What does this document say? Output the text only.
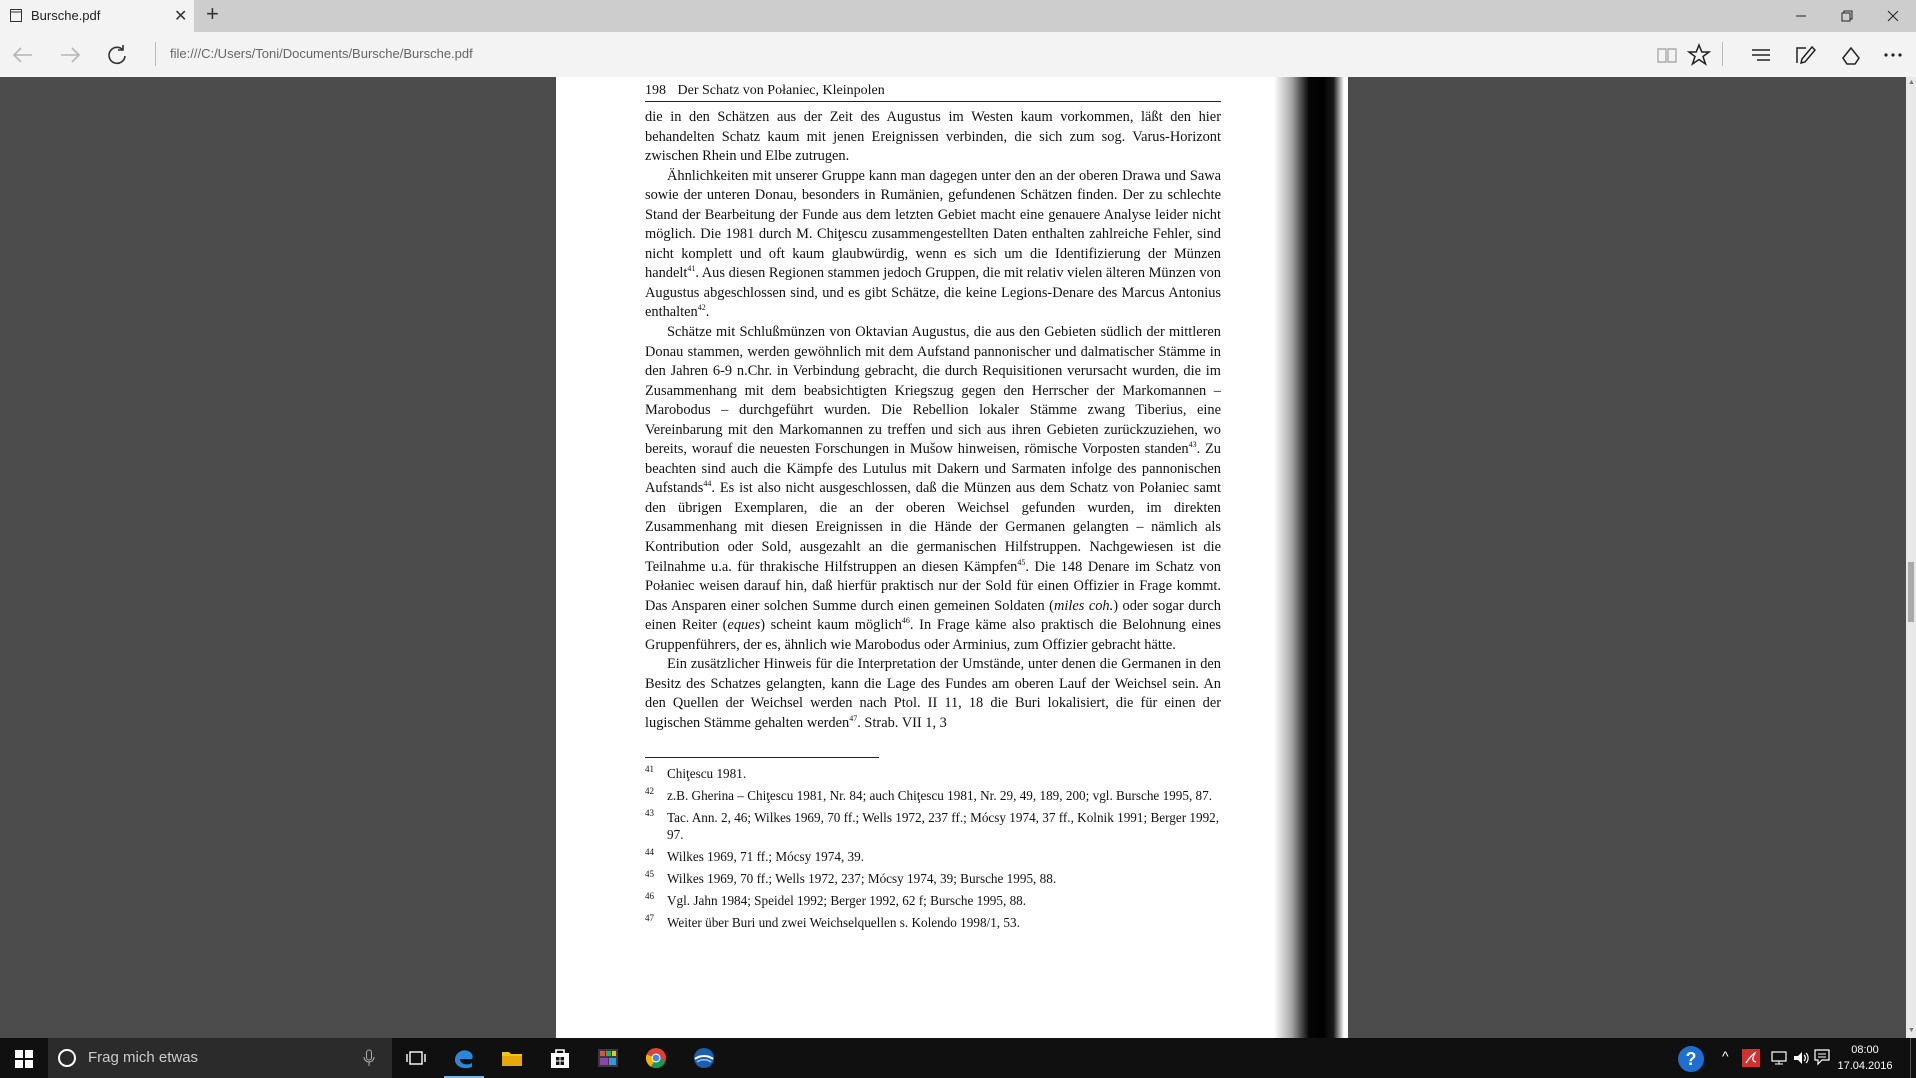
Bursche.pdf	✕ +
file:///C:/Users/Toni/Documents/Bursche/Bursche.pdf
198 Der Schatz von Połaniec, Kleinpolen

die in den Schätzen aus der Zeit des Augustus im Westen kaum vorkommen, läßt den hier behandelten Schatz kaum mit jenen Ereignissen verbinden, die sich zum sog. Varus-Horizont zwischen Rhein und Elbe zutrugen.

Ähnlichkeiten mit unserer Gruppe kann man dagegen unter den an der oberen Drawa und Sawa sowie der unteren Donau, besonders in Rumänien, gefundenen Schätzen finden. Der zu schlechte Stand der Bearbeitung der Funde aus dem letzten Gebiet macht eine genauere Analyse leider nicht möglich. Die 1981 durch M. Chiţescu zusammengestellten Daten enthalten zahlreiche Fehler, sind nicht komplett und oft kaum glaubwürdig, wenn es sich um die Identifizierung der Münzen handelt$^{41}$. Aus diesen Regionen stammen jedoch Gruppen, die mit relativ vielen älteren Münzen von Augustus abgeschlossen sind, und es gibt Schätze, die keine Legions-Denare des Marcus Antonius enthalten$^{42}$.

Schätze mit Schlußmünzen von Oktavian Augustus, die aus den Gebieten südlich der mittleren Donau stammen, werden gewöhnlich mit dem Aufstand pannonischer und dalmatischer Stämme in den Jahren 6-9 n.Chr. in Verbindung gebracht, die durch Requisitionen verursacht wurden, die im Zusammenhang mit dem beabsichtigten Kriegszug gegen den Herrscher der Markomannen – Marobodus – durchgeführt wurden. Die Rebellion lokaler Stämme zwang Tiberius, eine Vereinbarung mit den Markomannen zu treffen und sich aus ihren Gebieten zurückzuziehen, wo bereits, worauf die neuesten Forschungen in Mušow hinweisen, römische Vorposten standen$^{43}$. Zu beachten sind auch die Kämpfe des Lutulus mit Dakern und Sarmaten infolge des pannonischen Aufstands$^{44}$. Es ist also nicht ausgeschlossen, daß die Münzen aus dem Schatz von Połaniec samt den übrigen Exemplaren, die an der oberen Weichsel gefunden wurden, im direkten Zusammenhang mit diesen Ereignissen in die Hände der Germanen gelangten – nämlich als Kontribution oder Sold, ausgezahlt an die germanischen Hilfstruppen. Nachgewiesen ist die Teilnahme u.a. für thrakische Hilfstruppen an diesen Kämpfen$^{45}$. Die 148 Denare im Schatz von Połaniec weisen darauf hin, daß hierfür praktisch nur der Sold für einen Offizier in Frage kommt. Das Ansparen einer solchen Summe durch einen gemeinen Soldaten (miles coh.) oder sogar durch einen Reiter (eques) scheint kaum möglich$^{46}$. In Frage käme also praktisch die Belohnung eines Gruppenführers, der es, ähnlich wie Marobodus oder Arminius, zum Offizier gebracht hätte.

Ein zusätzlicher Hinweis für die Interpretation der Umstände, unter denen die Germanen in den Besitz des Schatzes gelangten, kann die Lage des Fundes am oberen Lauf der Weichsel sein. An den Quellen der Weichsel werden nach Ptol. II 11, 18 die Buri lokalisiert, die für einen der lugischen Stämme gehalten werden$^{47}$. Strab. VII 1, 3

41 Chiţescu 1981.
42 z.B. Gherina – Chiţescu 1981, Nr. 84; auch Chiţescu 1981, Nr. 29, 49, 189, 200; vgl. Bursche 1995, 87.
43 Tac. Ann. 2, 46; Wilkes 1969, 70 ff.; Wells 1972, 237 ff.; Mócsy 1974, 37 ff., Kolnik 1991; Berger 1992, 97.
44 Wilkes 1969, 71 ff.; Mócsy 1974, 39.
45 Wilkes 1969, 70 ff.; Wells 1972, 237; Mócsy 1974, 39; Bursche 1995, 88.
46 Vgl. Jahn 1984; Speidel 1992; Berger 1992, 62 f; Bursche 1995, 88.
47 Weiter über Buri und zwei Weichselquellen s. Kolendo 1998/1, 53.
▲
▼
Frag mich etwas	? ^	08:00
17.04.2016
